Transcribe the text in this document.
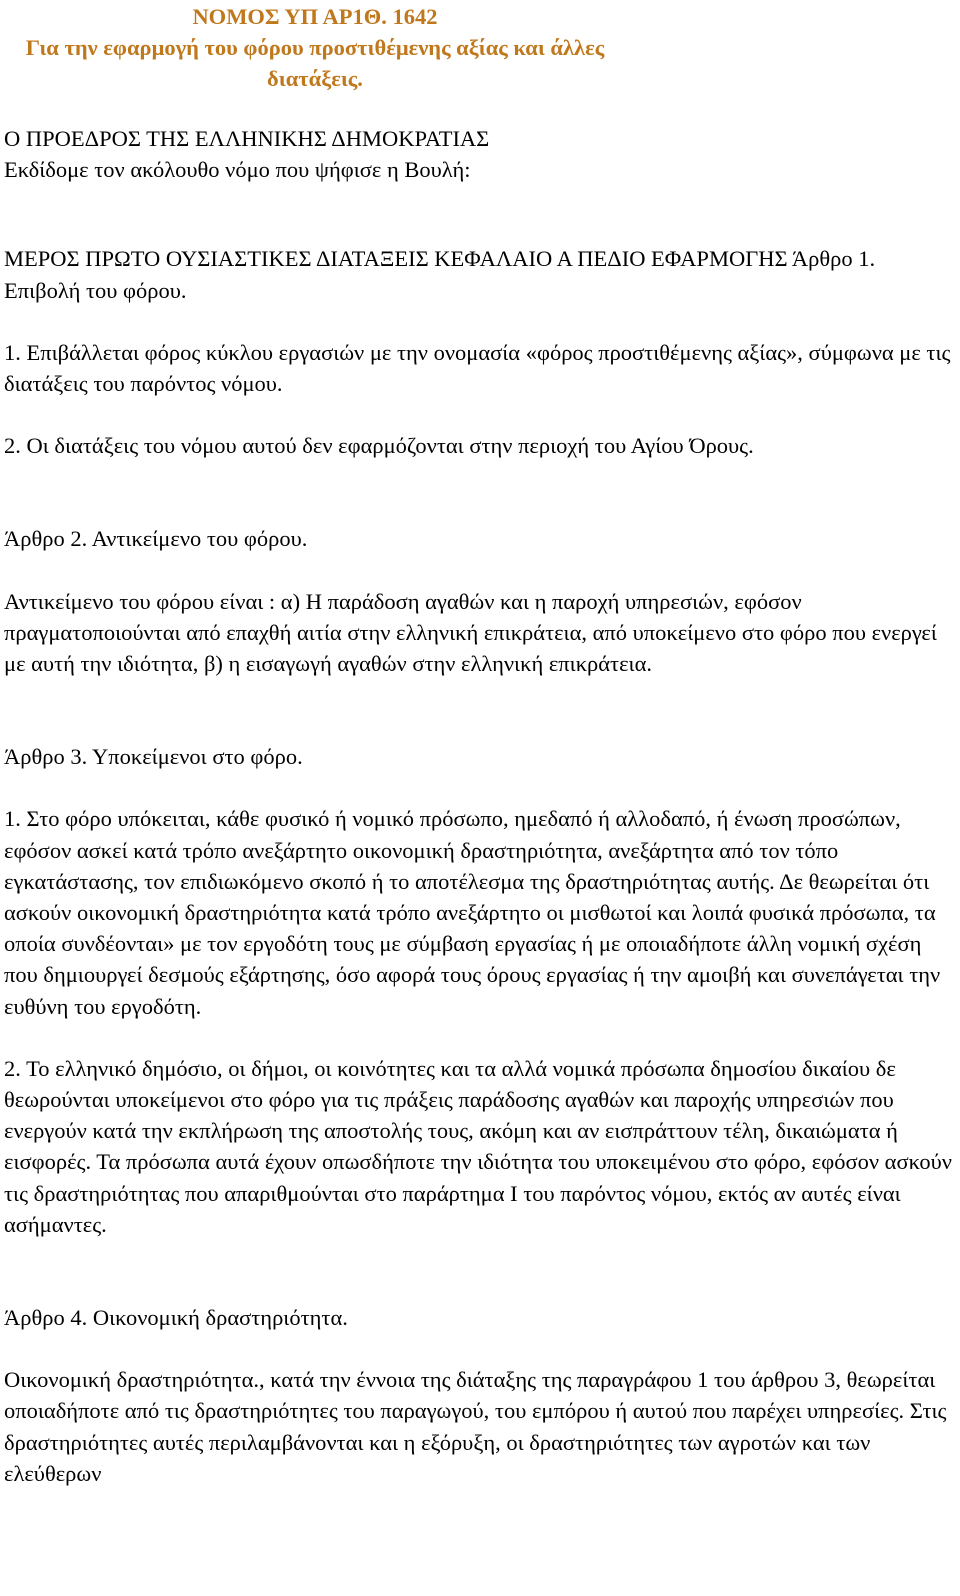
ΝΟΜΟΣ ΥΠ ΑΡ1Θ. 1642
Για την εφαρμογή του φόρου προστιθέμενης αξίας και άλλες διατάξεις.

Ο ΠΡΟΕΔΡΟΣ ΤΗΣ ΕΛΛΗΝΙΚΗΣ ΔΗΜΟΚΡΑΤΙΑΣ

Εκδίδομε τον ακόλουθο νόμο που ψήφισε η Βουλή:

ΜΕΡΟΣ ΠΡΩΤΟ ΟΥΣΙΑΣΤΙΚΕΣ ΔΙΑΤΑΞΕΙΣ ΚΕΦΑΛΑΙΟ Α ΠΕΔΙΟ ΕΦΑΡΜΟΓΗΣ Άρθρο 1. Επιβολή του φόρου.

1. Επιβάλλεται φόρος κύκλου εργασιών με την ονομασία «φόρος προστιθέμενης αξίας», σύμφωνα με τις διατάξεις του παρόντος νόμου.

2. Οι διατάξεις του νόμου αυτού δεν εφαρμόζονται στην περιοχή του Αγίου Όρους.

Άρθρο 2. Αντικείμενο του φόρου.

Αντικείμενο του φόρου είναι : α) Η παράδοση αγαθών και η παροχή υπηρεσιών, εφόσον πραγματοποιούνται από επαχθή αιτία στην ελληνική επικράτεια, από υποκείμενο στο φόρο που ενεργεί με αυτή την ιδιότητα, β) η εισαγωγή αγαθών στην ελληνική επικράτεια.

Άρθρο 3. Υποκείμενοι στο φόρο.

1. Στο φόρο υπόκειται, κάθε φυσικό ή νομικό πρόσωπο, ημεδαπό ή αλλοδαπό, ή ένωση προσώπων, εφόσον ασκεί κατά τρόπο ανεξάρτητο οικονομική δραστηριότητα, ανεξάρτητα από τον τόπο εγκατάστασης, τον επιδιωκόμενο σκοπό ή το αποτέλεσμα της δραστηριότητας αυτής. Δε θεωρείται ότι ασκούν οικονομική δραστηριότητα κατά τρόπο ανεξάρτητο οι μισθωτοί και λοιπά φυσικά πρόσωπα, τα οποία συνδέονται» με τον εργοδότη τους με σύμβαση εργασίας ή με οποιαδήποτε άλλη νομική σχέση που δημιουργεί δεσμούς εξάρτησης, όσο αφορά τους όρους εργασίας ή την αμοιβή και συνεπάγεται την ευθύνη του εργοδότη.

2. Το ελληνικό δημόσιο, οι δήμοι, οι κοινότητες και τα αλλά νομικά πρόσωπα δημοσίου δικαίου δε θεωρούνται υποκείμενοι στο φόρο για τις πράξεις παράδοσης αγαθών και παροχής υπηρεσιών που ενεργούν κατά την εκπλήρωση της αποστολής τους, ακόμη και αν εισπράττουν τέλη, δικαιώματα ή εισφορές. Τα πρόσωπα αυτά έχουν οπωσδήποτε την ιδιότητα του υποκειμένου στο φόρο, εφόσον ασκούν τις δραστηριότητας που απαριθμούνται στο παράρτημα Ι του παρόντος νόμου, εκτός αν αυτές είναι ασήμαντες.

Άρθρο 4. Οικονομική δραστηριότητα.

Οικονομική δραστηριότητα., κατά την έννοια της διάταξης της παραγράφου 1 του άρθρου 3, θεωρείται οποιαδήποτε από τις δραστηριότητες του παραγωγού, του εμπόρου ή αυτού που παρέχει υπηρεσίες. Στις δραστηριότητες αυτές περιλαμβάνονται και η εξόρυξη, οι δραστηριότητες των αγροτών και των ελεύθερων
